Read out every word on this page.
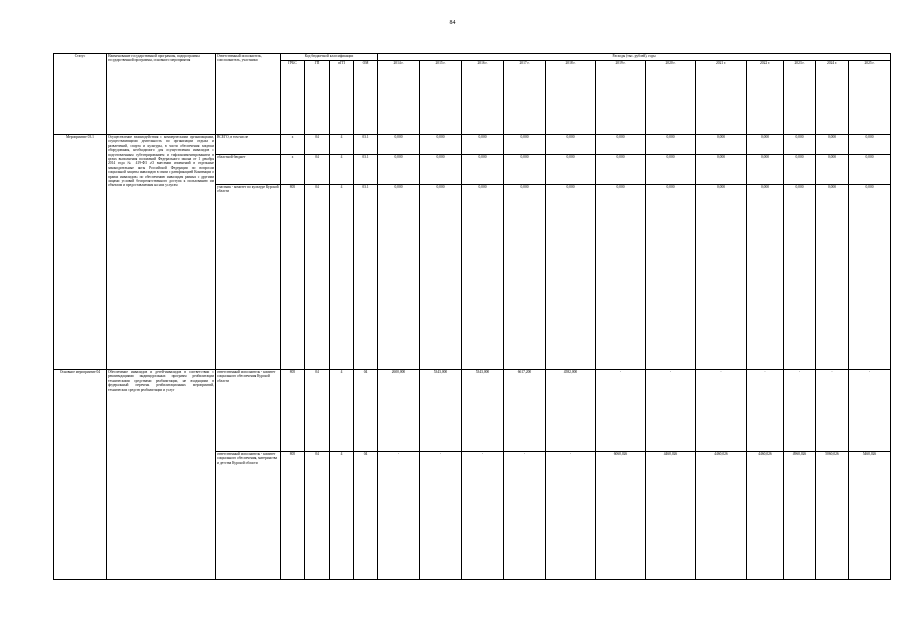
84
Статус	Наименование государственной программы, подпрограммы государственной программы, основного мероприятия	Ответственный исполнитель, соисполнитель, участники	Код бюджетной классификации				Расходы (тыс. рублей), годы											
			ГРБС	ГП	пГП	ОМ	2014 г.	2015 г.	2016 г.	2017 г.	2018 г.	2019 г.	2020 г.	2021 г.	2022 г.	2023 г.	2024 г.	2025 г.
Мероприятие 03.1	Осуществление взаимодействия с коммерческими организациями, осуществляющими деятельность по организации отдыха и развлечений, спорта и культуры, в части обеспечения закупки оборудования, необходимого для осуществления инвалидов с подготовленным субтитрированием и тифлокомментированием в целях выполнения положений Федерального закона от 1 декабря 2014 года № 419-ФЗ «О внесении изменений в отдельные законодательные акты Российской Федерации по вопросам социальной защиты инвалидов в связи с ратификацией Конвенции о правах инвалидов» по обеспечению инвалидам равных с другими лицами условий беспрепятственного доступа к пользованию им объектам и предоставляемым на них услугам	ВСЕГО, в том числе	х	04	4	03.1	0,000	0,000	0,000	0,000	0,000	0,000	0,000	0,000	0,000	0,000	0,000	0,000
		областной бюджет	х	04	4	03.1	0,000	0,000	0,000	0,000	0,000	0,000	0,000	0,000	0,000	0,000	0,000	0,000
		участник - комитет по культуре Курской области	805	04	4	03.1	0,000	0,000	0,000	0,000	0,000	0,000	0,000	0,000	0,000	0,000	0,000	0,000
Основное мероприятие 04	Обеспечение инвалидов и детей-инвалидов в соответствии с рекомендациями индивидуальных программ реабилитации техническими средствами реабилитации, не входящими в федеральный перечень реабилитационных мероприятий, технических средств реабилитации и услуг	ответственный исполнитель - комитет социального обеспечения Курской области	805	04	4	04	2600,000	5343,000	5343,000	6617,200	4582,000	-	-	-	-	-	-	-
		ответственный исполнитель - комитет социального обеспечения, материнства и детства Курской области	805	04	4	04	-	-	-	-	-	6060,026	4460,026	4460,026	4460,026	4960,026	5060,026	5460,026
